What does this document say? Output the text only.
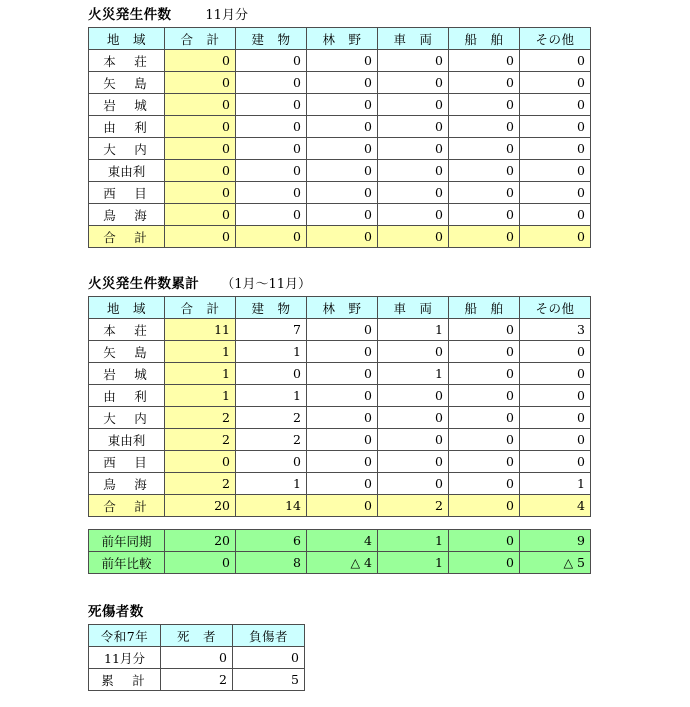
火災発生件数	11月分
地　域	合　計	建　物	林　野	車　両	船　舶	その他
本　荘	0	0	0	0	0	0
矢　島	0	0	0	0	0	0
岩　城	0	0	0	0	0	0
由　利	0	0	0	0	0	0
大　内	0	0	0	0	0	0
東由利	0	0	0	0	0	0
西　目	0	0	0	0	0	0
鳥　海	0	0	0	0	0	0
合　計	0	0	0	0	0	0
火災発生件数累計 （1月～11月）
地　域	合　計	建　物	林　野	車　両	船　舶	その他
本　荘	11	7	0	1	0	3
矢　島	1	1	0	0	0	0
岩　城	1	0	0	1	0	0
由　利	1	1	0	0	0	0
大　内	2	2	0	0	0	0
東由利	2	2	0	0	0	0
西　目	0	0	0	0	0	0
鳥　海	2	1	0	0	0	1
合　計	20	14	0	2	0	4
前年同期	20	6	4	1	0	9
前年比較	0	8	△ 4	1	0	△ 5
死傷者数
令和7年	死　者	負傷者
11月分	0	0
累　計	2	5
